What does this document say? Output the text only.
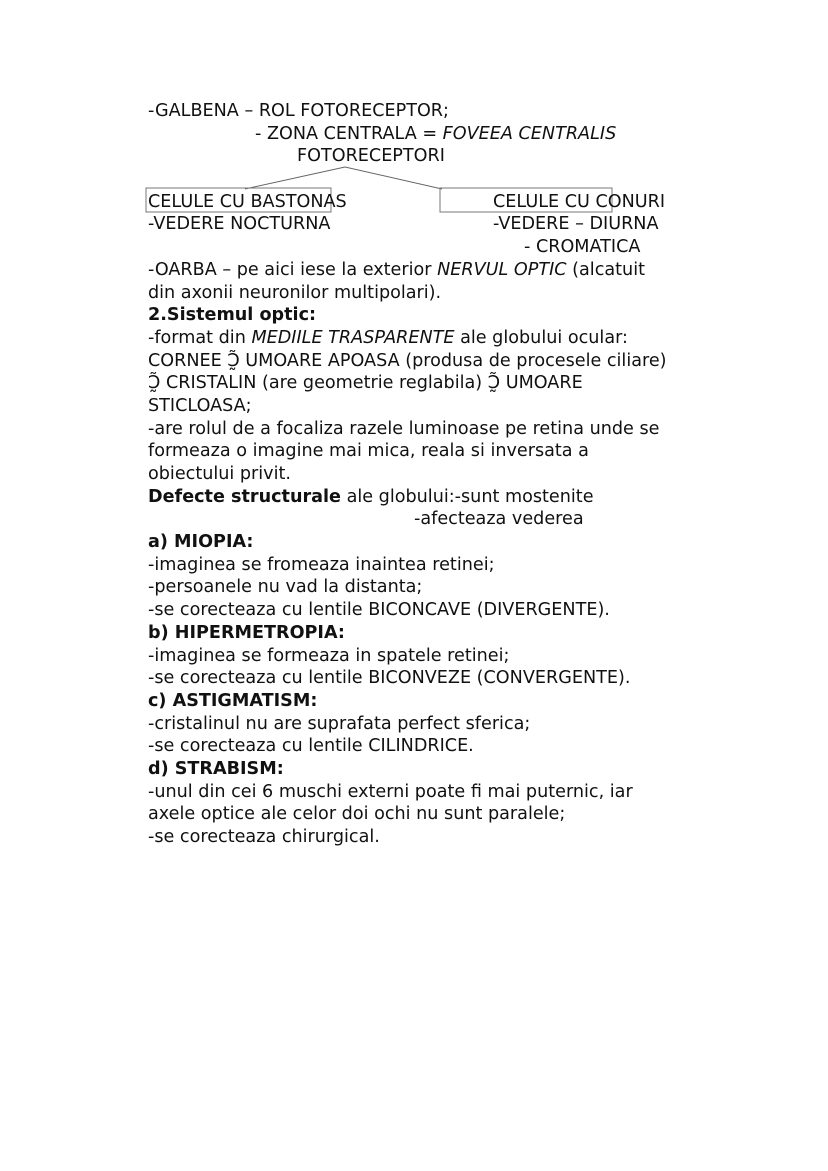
-GALBENA – ROL FOTORECEPTOR;
- ZONA CENTRALA = FOVEEA CENTRALIS
FOTORECEPTORI
CELULE CU BASTONAS	CELULE CU CONURI
-VEDERE NOCTURNA	-VEDERE – DIURNA
- CROMATICA
-OARBA – pe aici iese la exterior NERVUL OPTIC (alcatuit
din axonii neuronilor multipolari).
2.Sistemul optic:
-format din MEDIILE TRASPARENTE ale globului ocular:
CORNEE Ɔ̰̃ UMOARE APOASA (produsa de procesele ciliare)
Ɔ̰̃ CRISTALIN (are geometrie reglabila) Ɔ̰̃ UMOARE
STICLOASA;
-are rolul de a focaliza razele luminoase pe retina unde se
formeaza o imagine mai mica, reala si inversata a
obiectului privit.
Defecte structurale ale globului:-sunt mostenite
-afecteaza vederea
a) MIOPIA:
-imaginea se fromeaza inaintea retinei;
-persoanele nu vad la distanta;
-se corecteaza cu lentile BICONCAVE (DIVERGENTE).
b) HIPERMETROPIA:
-imaginea se formeaza in spatele retinei;
-se corecteaza cu lentile BICONVEZE (CONVERGENTE).
c) ASTIGMATISM:
-cristalinul nu are suprafata perfect sferica;
-se corecteaza cu lentile CILINDRICE.
d) STRABISM:
-unul din cei 6 muschi externi poate fi mai puternic, iar
axele optice ale celor doi ochi nu sunt paralele;
-se corecteaza chirurgical.
